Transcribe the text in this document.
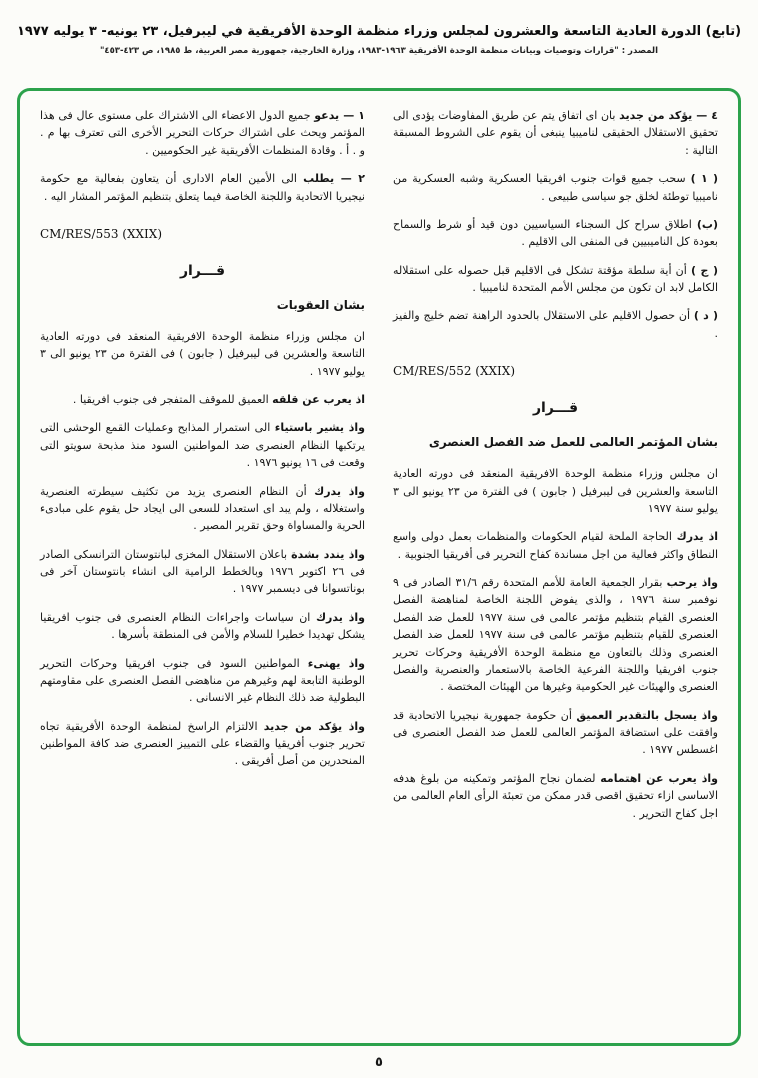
(تابع) الدورة العادية التاسعة والعشرون لمجلس وزراء منظمة الوحدة الأفريقية في ليبرفيل، ٢٣ يونيه- ٣ يوليه ١٩٧٧
المصدر : "قرارات وتوصيات وبيانات منظمة الوحدة الأفريقية ١٩٦٣-١٩٨٣، وزارة الخارجية، جمهورية مصر العربية، ط ١٩٨٥، ص ٤٢٣-٤٥٣"

٤ — يؤكد من جديد بان اى اتفاق يتم عن طريق المفاوضات يؤدى الى تحقيق الاستقلال الحقيقى لناميبيا ينبغى أن يقوم على الشروط المسبقة التالية :

( ١ ) سحب جميع قوات جنوب افريقيا العسكرية وشبه العسكرية من ناميبيا توطئة لخلق جو سياسى طبيعى .

(ب) اطلاق سراح كل السجناء السياسيين دون قيد أو شرط والسماح بعودة كل الناميبيين فى المنفى الى الاقليم .

( ج ) أن أية سلطة مؤقتة تشكل فى الاقليم قبل حصوله على استقلاله الكامل لابد ان تكون من مجلس الأمم المتحدة لناميبيا .

( د ) أن حصول الاقليم على الاستقلال بالحدود الراهنة تضم خليج والفيز .

CM/RES/552 (XXIX)

قـــرار
بشان المؤتمر العالمى للعمل ضد الفصل العنصرى

ان مجلس وزراء منظمة الوحدة الافريقية المنعقد فى دورته العادية التاسعة والعشرين فى ليبرفيل ( جابون ) فى الفترة من ٢٣ يونيو الى ٣ يوليو سنة ١٩٧٧

اذ يدرك الحاجة الملحة لقيام الحكومات والمنظمات بعمل دولى واسع النطاق واكثر فعالية من اجل مساندة كفاح التحرير فى أفريقيا الجنوبية .

واذ يرحب بقرار الجمعية العامة للأمم المتحدة رقم ٣١/٦ الصادر فى ٩ نوفمبر سنة ١٩٧٦ ، والذى يفوض اللجنة الخاصة لمناهضة الفصل العنصرى القيام بتنظيم مؤتمر عالمى فى سنة ١٩٧٧ للعمل ضد الفصل العنصرى للقيام بتنظيم مؤتمر عالمى فى سنة ١٩٧٧ للعمل ضد الفصل العنصرى وذلك بالتعاون مع منظمة الوحدة الأفريقية وحركات تحرير جنوب افريقيا واللجنة الفرعية الخاصة بالاستعمار والعنصرية والفصل العنصرى والهيئات غير الحكومية وغيرها من الهيئات المختصة .

واذ يسجل بالتقدير العميق أن حكومة جمهورية نيجيريا الاتحادية قد وافقت على استضافة المؤتمر العالمى للعمل ضد الفصل العنصرى فى اغسطس ١٩٧٧ .

واذ يعرب عن اهتمامه لضمان نجاح المؤتمر وتمكينه من بلوغ هدفه الاساسى ازاء تحقيق اقصى قدر ممكن من تعبئة الرأى العام العالمى من اجل كفاح التحرير .

١ — يدعو جميع الدول الاعضاء الى الاشتراك على مستوى عال فى هذا المؤتمر ويحث على اشتراك حركات التحرير الأخرى التى تعترف بها م . و . أ . وقادة المنظمات الأفريقية غير الحكوميين .

٢ — يطلب الى الأمين العام الادارى أن يتعاون بفعالية مع حكومة نيجيريا الاتحادية واللجنة الخاصة فيما يتعلق بتنظيم المؤتمر المشار اليه .

CM/RES/553 (XXIX)

قـــرار
بشان العقوبات

ان مجلس وزراء منظمة الوحدة الافريقية المنعقد فى دورته العادية التاسعة والعشرين فى ليبرفيل ( جابون ) فى الفترة من ٢٣ يونيو الى ٣ يوليو ١٩٧٧ .

اذ يعرب عن قلقه العميق للموقف المتفجر فى جنوب افريقيا .

واذ يشير باستياء الى استمرار المذابح وعمليات القمع الوحشى التى يرتكبها النظام العنصرى ضد المواطنين السود منذ مذبحة سويتو التى وقعت فى ١٦ يونيو ١٩٧٦ .

واذ يدرك أن النظام العنصرى يزيد من تكثيف سيطرته العنصرية واستغلاله ، ولم يبد اى استعداد للسعى الى ايجاد حل يقوم على مبادىء الحرية والمساواة وحق تقرير المصير .

واذ يندد بشدة باعلان الاستقلال المخزى لبانتوستان الترانسكى الصادر فى ٢٦ اكتوبر ١٩٧٦ وبالخطط الرامية الى انشاء بانتوستان آخر فى بوناتسوانا فى ديسمبر ١٩٧٧ .

واذ يدرك ان سياسات واجراءات النظام العنصرى فى جنوب افريقيا يشكل تهديدا خطيرا للسلام والأمن فى المنطقة بأسرها .

واذ يهنىء المواطنين السود فى جنوب افريقيا وحركات التحرير الوطنية التابعة لهم وغيرهم من مناهضى الفصل العنصرى على مقاومتهم البطولية ضد ذلك النظام غير الانسانى .

واذ يؤكد من جديد الالتزام الراسخ لمنظمة الوحدة الأفريقية تجاه تحرير جنوب أفريقيا والقضاء على التمييز العنصرى ضد كافة المواطنين المنحدرين من أصل أفريقى .

٥
